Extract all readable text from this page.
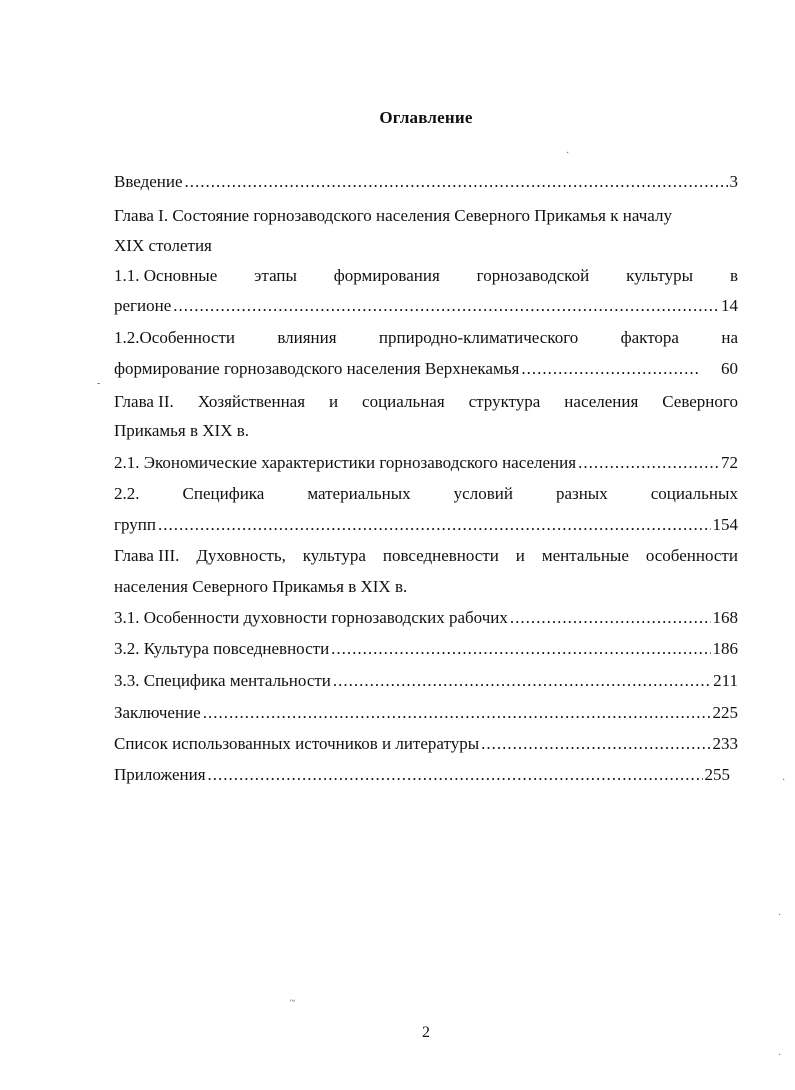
Оглавление
Введение .....	3
Глава I. Состояние горнозаводского населения Северного Прикамья к началу
XIX столетия
1.1. Основные этапы формирования горнозаводской культуры в
регионе .....	14
1.2.Особенности влияния прпиродно-климатического фактора на
формирование горнозаводского населения Верхнекамья .....	60
Глава II. Хозяйственная и социальная структура населения Северного
Прикамья в XIX в.
2.1. Экономические характеристики горнозаводского населения .....	72
2.2.	Специфика	материальных	условий	разных	социальных
групп .....	154
Глава III. Духовность, культура повседневности и ментальные особенности
населения Северного Прикамья в XIX в.
3.1. Особенности духовности горнозаводских рабочих .....	168
3.2. Культура повседневности .....	186
3.3. Специфика ментальности .....	211
Заключение .....	225
Список использованных источников и литературы .....	233
Приложения .....	255
2
·
‐
~
·
·
·
